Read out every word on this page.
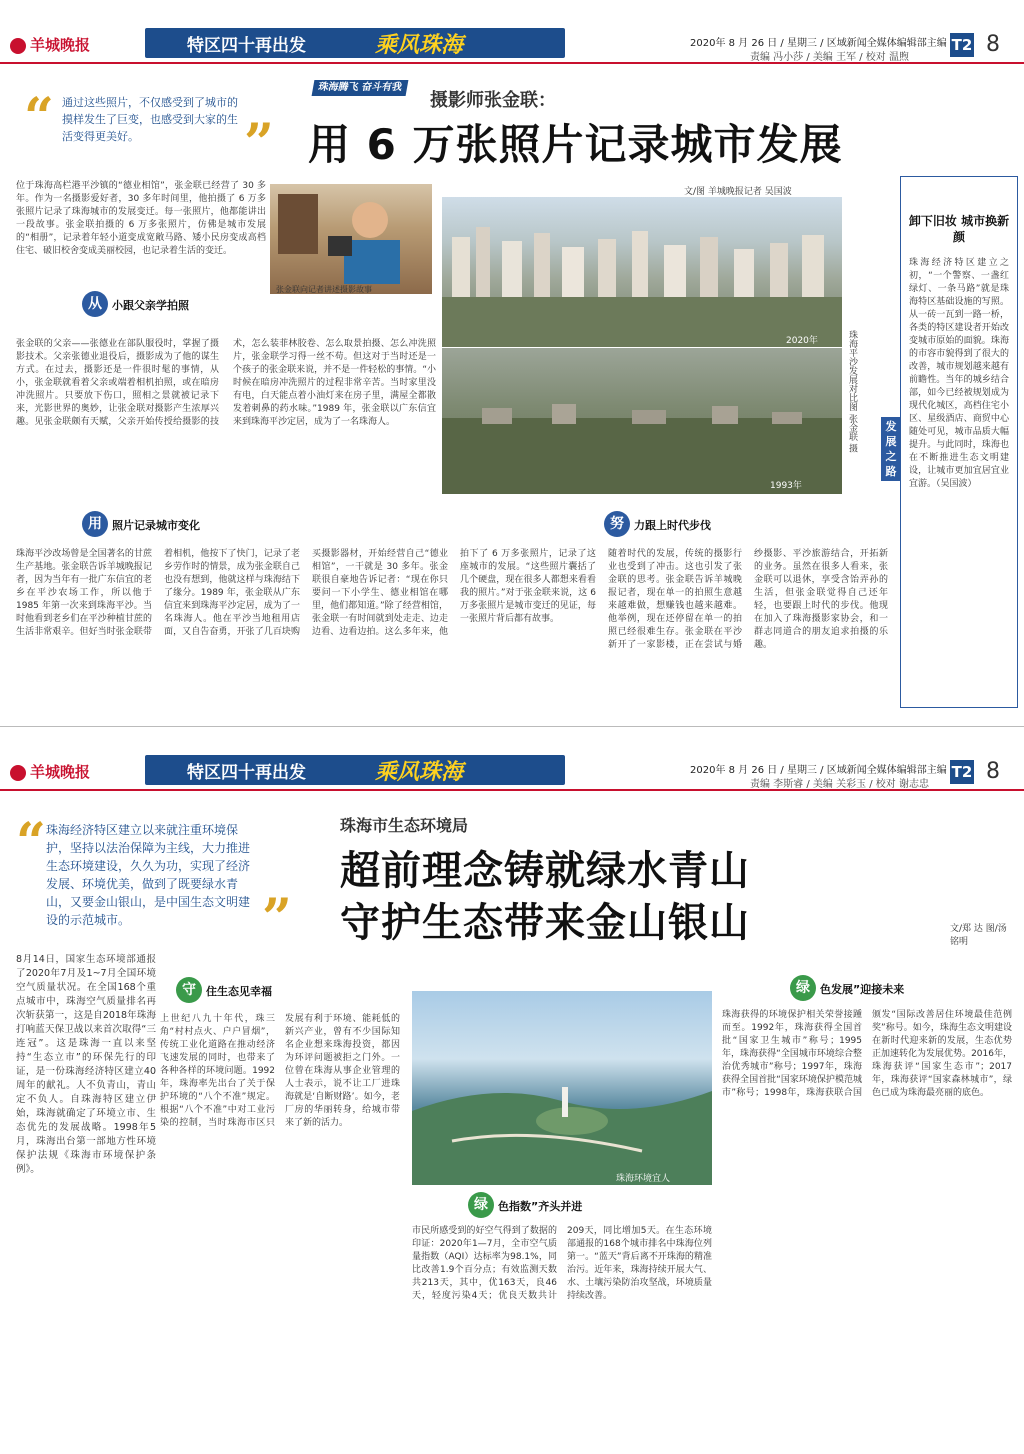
羊城晚报	特区四十再出发	乘风珠海	2020年 8 月 26 日 / 星期三 / 区域新闻全媒体编辑部主编
责编 冯小莎 / 美编 王军 / 校对 温煦
T2 8
“ 通过这些照片，不仅感受到了城市的摸样发生了巨变，也感受到大家的生活变得更美好。	”
珠海腾飞 奋斗有我
摄影师张金联：
用 6 万张照片记录城市发展
位于珠海高栏港平沙镇的“德业相馆”，张金联已经营了 30 多年。作为一名摄影爱好者，30 多年时间里，他拍摄了 6 万多张照片记录了珠海城市的发展变迁。每一张照片，他都能讲出一段故事。张金联拍摄的 6 万多张照片，仿佛是城市发展的“相册”，记录着年轻小道变成宽敞马路、矮小民房变成高档住宅、破旧校舍变成美丽校园，也记录着生活的变迁。
张金联向记者讲述摄影故事
文/图 羊城晚报记者 吴国波
2020年
1993年
珠海平沙发展对比图 张金联 摄
从 小跟父亲学拍照
张金联的父亲——张德业在部队服役时，掌握了摄影技术。父亲张德业退役后，摄影成为了他的谋生方式。在过去，摄影还是一件很时髦的事情，从小，张金联就看着父亲或端着相机拍照，或在暗房冲洗照片。只要放下伤口，照相之景就被记录下来，光影世界的奥妙，让张金联对摄影产生浓厚兴趣。见张金联颇有天赋，父亲开始传授给摄影的技术，怎么装菲林胶卷、怎么取景拍摄、怎么冲洗照片，张金联学习得一丝不苟。但这对于当时还是一个孩子的张金联来说，并不是一件轻松的事情。“小时候在暗房冲洗照片的过程非常辛苦。当时家里没有电，白天能点着小油灯来在房子里，满屋全都散发着刺鼻的药水味。”1989 年，张金联以广东信宜来到珠海平沙定居，成为了一名珠海人。
用 照片记录城市变化
珠海平沙改场曾是全国著名的甘蔗生产基地。张金联告诉羊城晚报记者，因为当年有一批广东信宜的老乡在平沙农场工作，所以他于 1985 年第一次来到珠海平沙。当时他看到老乡们在平沙种植甘蔗的生活非常艰辛。但好当时张金联带着相机，他按下了快门，记录了老乡劳作时的情景，成为张金联自己也没有想到，他就这样与珠海结下了缘分。1989 年，张金联从广东信宜来到珠海平沙定居，成为了一名珠海人。他在平沙当地租用店面，又自告奋勇，开张了几百块购买摄影器材，开始经营自己“德业相馆”，一干就是 30 多年。张金联很自豪地告诉记者：“现在你只要问一下小学生、德业相馆在哪里，他们都知道。”除了经营相馆，张金联一有时间就到处走走、边走边看、边看边拍。这么多年来，他拍下了 6 万多张照片，记录了这座城市的发展。“这些照片囊括了几个硬盘，现在很多人都想来看看我的照片。”对于张金联来说，这 6 万多张照片是城市变迁的见证，每一张照片背后都有故事。
努 力跟上时代步伐
随着时代的发展，传统的摄影行业也受到了冲击。这也引发了张金联的思考。张金联告诉羊城晚报记者，现在单一的拍照生意越来越难做，想赚钱也越来越难。他举例，现在还停留在单一的拍照已经很难生存。张金联在平沙新开了一家影楼，正在尝试与婚纱摄影、平沙旅游结合，开拓新的业务。虽然在很多人看来，张金联可以退休，享受含饴弄孙的生活，但张金联觉得自己还年轻，也要跟上时代的步伐。他现在加入了珠海摄影家协会，和一群志同道合的朋友追求拍摄的乐趣。
卸下旧妆 城市换新颜
发展之路
珠海经济特区建立之初，“一个警察、一盏红绿灯、一条马路”就是珠海特区基础设施的写照。从一砖一瓦到一路一桥，各类的特区建设者开始改变城市原始的面貌。珠海的市容市貌得到了很大的改善，城市规划越来越有前瞻性。当年的城乡结合部，如今已经被规划成为现代化城区，高档住宅小区、星级酒店、商贸中心随处可见，城市品质大幅提升。与此同时，珠海也在不断推进生态文明建设，让城市更加宜居宜业宜游。（吴国波）
羊城晚报	特区四十再出发	乘风珠海	2020年 8 月 26 日 / 星期三 / 区域新闻全媒体编辑部主编
责编 李斯睿 / 美编 关彩玉 / 校对 谢志忠
T2 8
“ 珠海经济特区建立以来就注重环境保护，坚持以法治保障为主线，大力推进生态环境建设，久久为功，实现了经济发展、环境优美，做到了既要绿水青山，又要金山银山，是中国生态文明建设的示范城市。	”
珠海市生态环境局
超前理念铸就绿水青山
守护生态带来金山银山	文/郑 达 图/汤铭明
8月14日，国家生态环境部通报了2020年7月及1~7月全国环境空气质量状况。在全国168个重点城市中，珠海空气质量排名再次斩获第一，这是自2018年珠海打响蓝天保卫战以来首次取得“三连冠”。这是珠海一直以来坚持“生态立市”的环保先行的印证，是一份珠海经济特区建立40周年的献礼。人不负青山，青山定不负人。自珠海特区建立伊始，珠海就确定了环境立市、生态优先的发展战略。1998年5月，珠海出台第一部地方性环境保护法规《珠海市环境保护条例》。
守 住生态见幸福
上世纪八九十年代，珠三角“村村点火、户户冒烟”，传统工业化道路在推动经济飞速发展的同时，也带来了各种各样的环境问题。1992年，珠海率先出台了关于保护环境的“八个不准”规定。根据“八个不准”中对工业污染的控制，当时珠海市区只发展有利于环境、能耗低的新兴产业，曾有不少国际知名企业想来珠海投资，都因为环评问题被拒之门外。一位曾在珠海从事企业管理的人士表示，说不让工厂进珠海就是‘自断财路’。如今，老厂房的华丽转身，给城市带来了新的活力。
珠海环境宜人
绿 色指数”齐头并进
市民所感受到的好空气得到了数据的印证：2020年1—7月，全市空气质量指数（AQI）达标率为98.1%，同比改善1.9个百分点；有效监测天数共213天，其中，优163天，良46天，轻度污染4天；优良天数共计209天，同比增加5天。在生态环境部通报的168个城市排名中珠海位列第一。“蓝天”背后离不开珠海的精准治污。近年来，珠海持续开展大气、水、土壤污染防治攻坚战，环境质量持续改善。
绿 色发展”迎接未来
珠海获得的环境保护相关荣誉接踵而至。1992年，珠海获得全国首批“国家卫生城市”称号；1995年，珠海获得“全国城市环境综合整治优秀城市”称号；1997年，珠海获得全国首批“国家环境保护模范城市”称号；1998年，珠海获联合国颁发“国际改善居住环境最佳范例奖”称号。如今，珠海生态文明建设在新时代迎来新的发展，生态优势正加速转化为发展优势。2016年，珠海获评“国家生态市”；2017年，珠海获评“国家森林城市”，绿色已成为珠海最亮丽的底色。
